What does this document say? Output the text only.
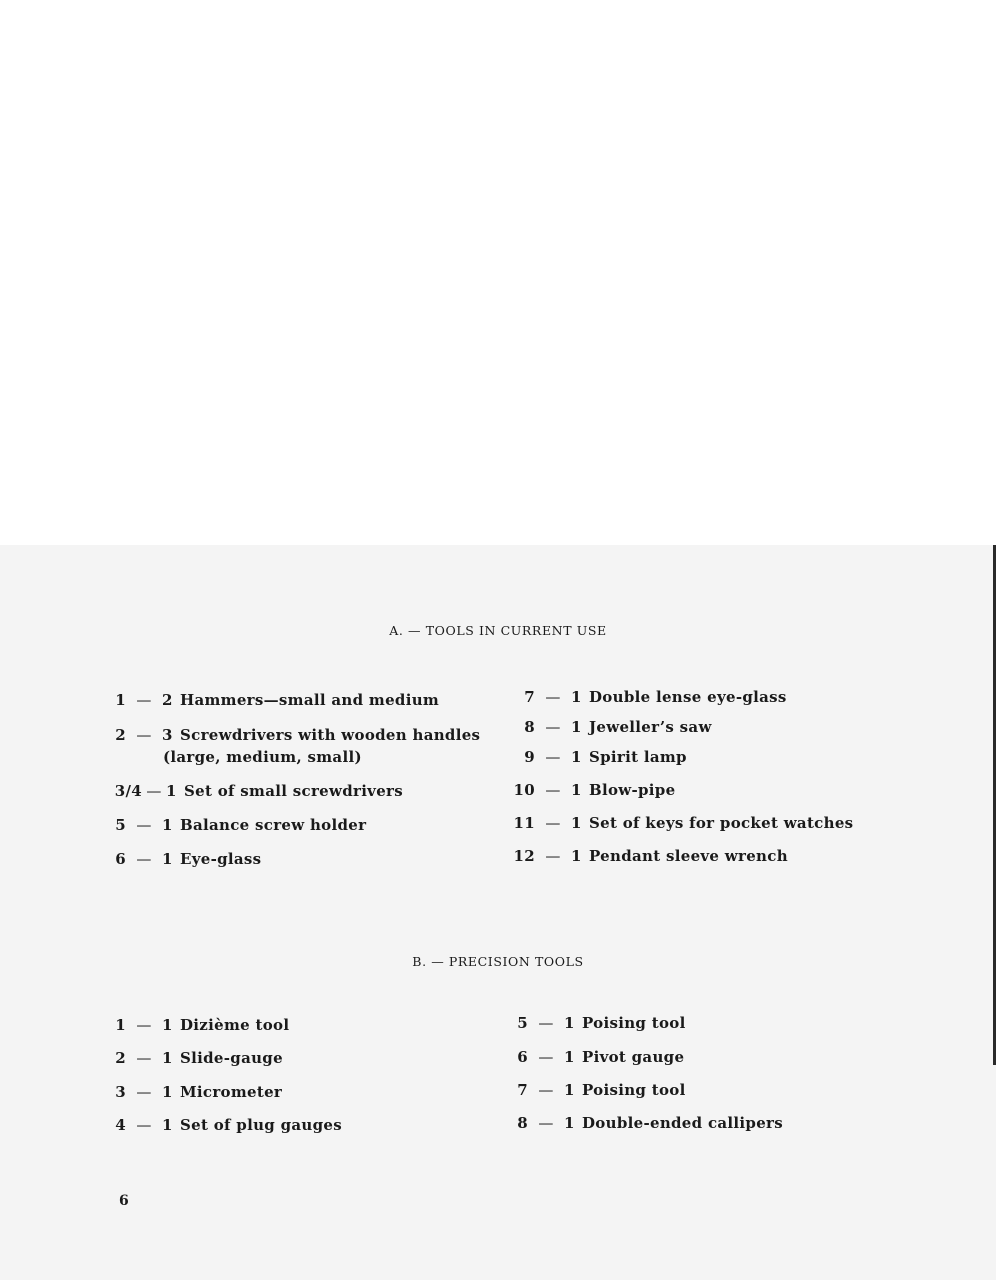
A. — TOOLS IN CURRENT USE
1 — 2 Hammers—small and medium
2 — 3 Screwdrivers with wooden handles
(large, medium, small)
3/4 — 1 Set of small screwdrivers
5 — 1 Balance screw holder
6 — 1 Eye-glass
7 — 1 Double lense eye-glass
8 — 1 Jeweller’s saw
9 — 1 Spirit lamp
10 — 1 Blow-pipe
11 — 1 Set of keys for pocket watches
12 — 1 Pendant sleeve wrench
B. — PRECISION TOOLS
1 — 1 Dizième tool
2 — 1 Slide-gauge
3 — 1 Micrometer
4 — 1 Set of plug gauges
5 — 1 Poising tool
6 — 1 Pivot gauge
7 — 1 Poising tool
8 — 1 Double-ended callipers
6
